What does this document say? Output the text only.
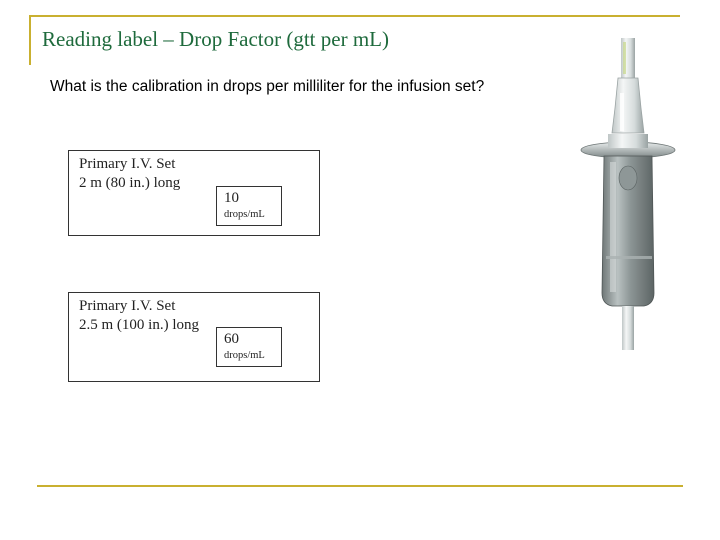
Reading label – Drop Factor (gtt per mL)
What is the calibration in drops per milliliter for the infusion set?
Primary I.V. Set
2 m (80 in.) long
10
drops/mL
Primary I.V. Set
2.5 m (100 in.) long
60
drops/mL
